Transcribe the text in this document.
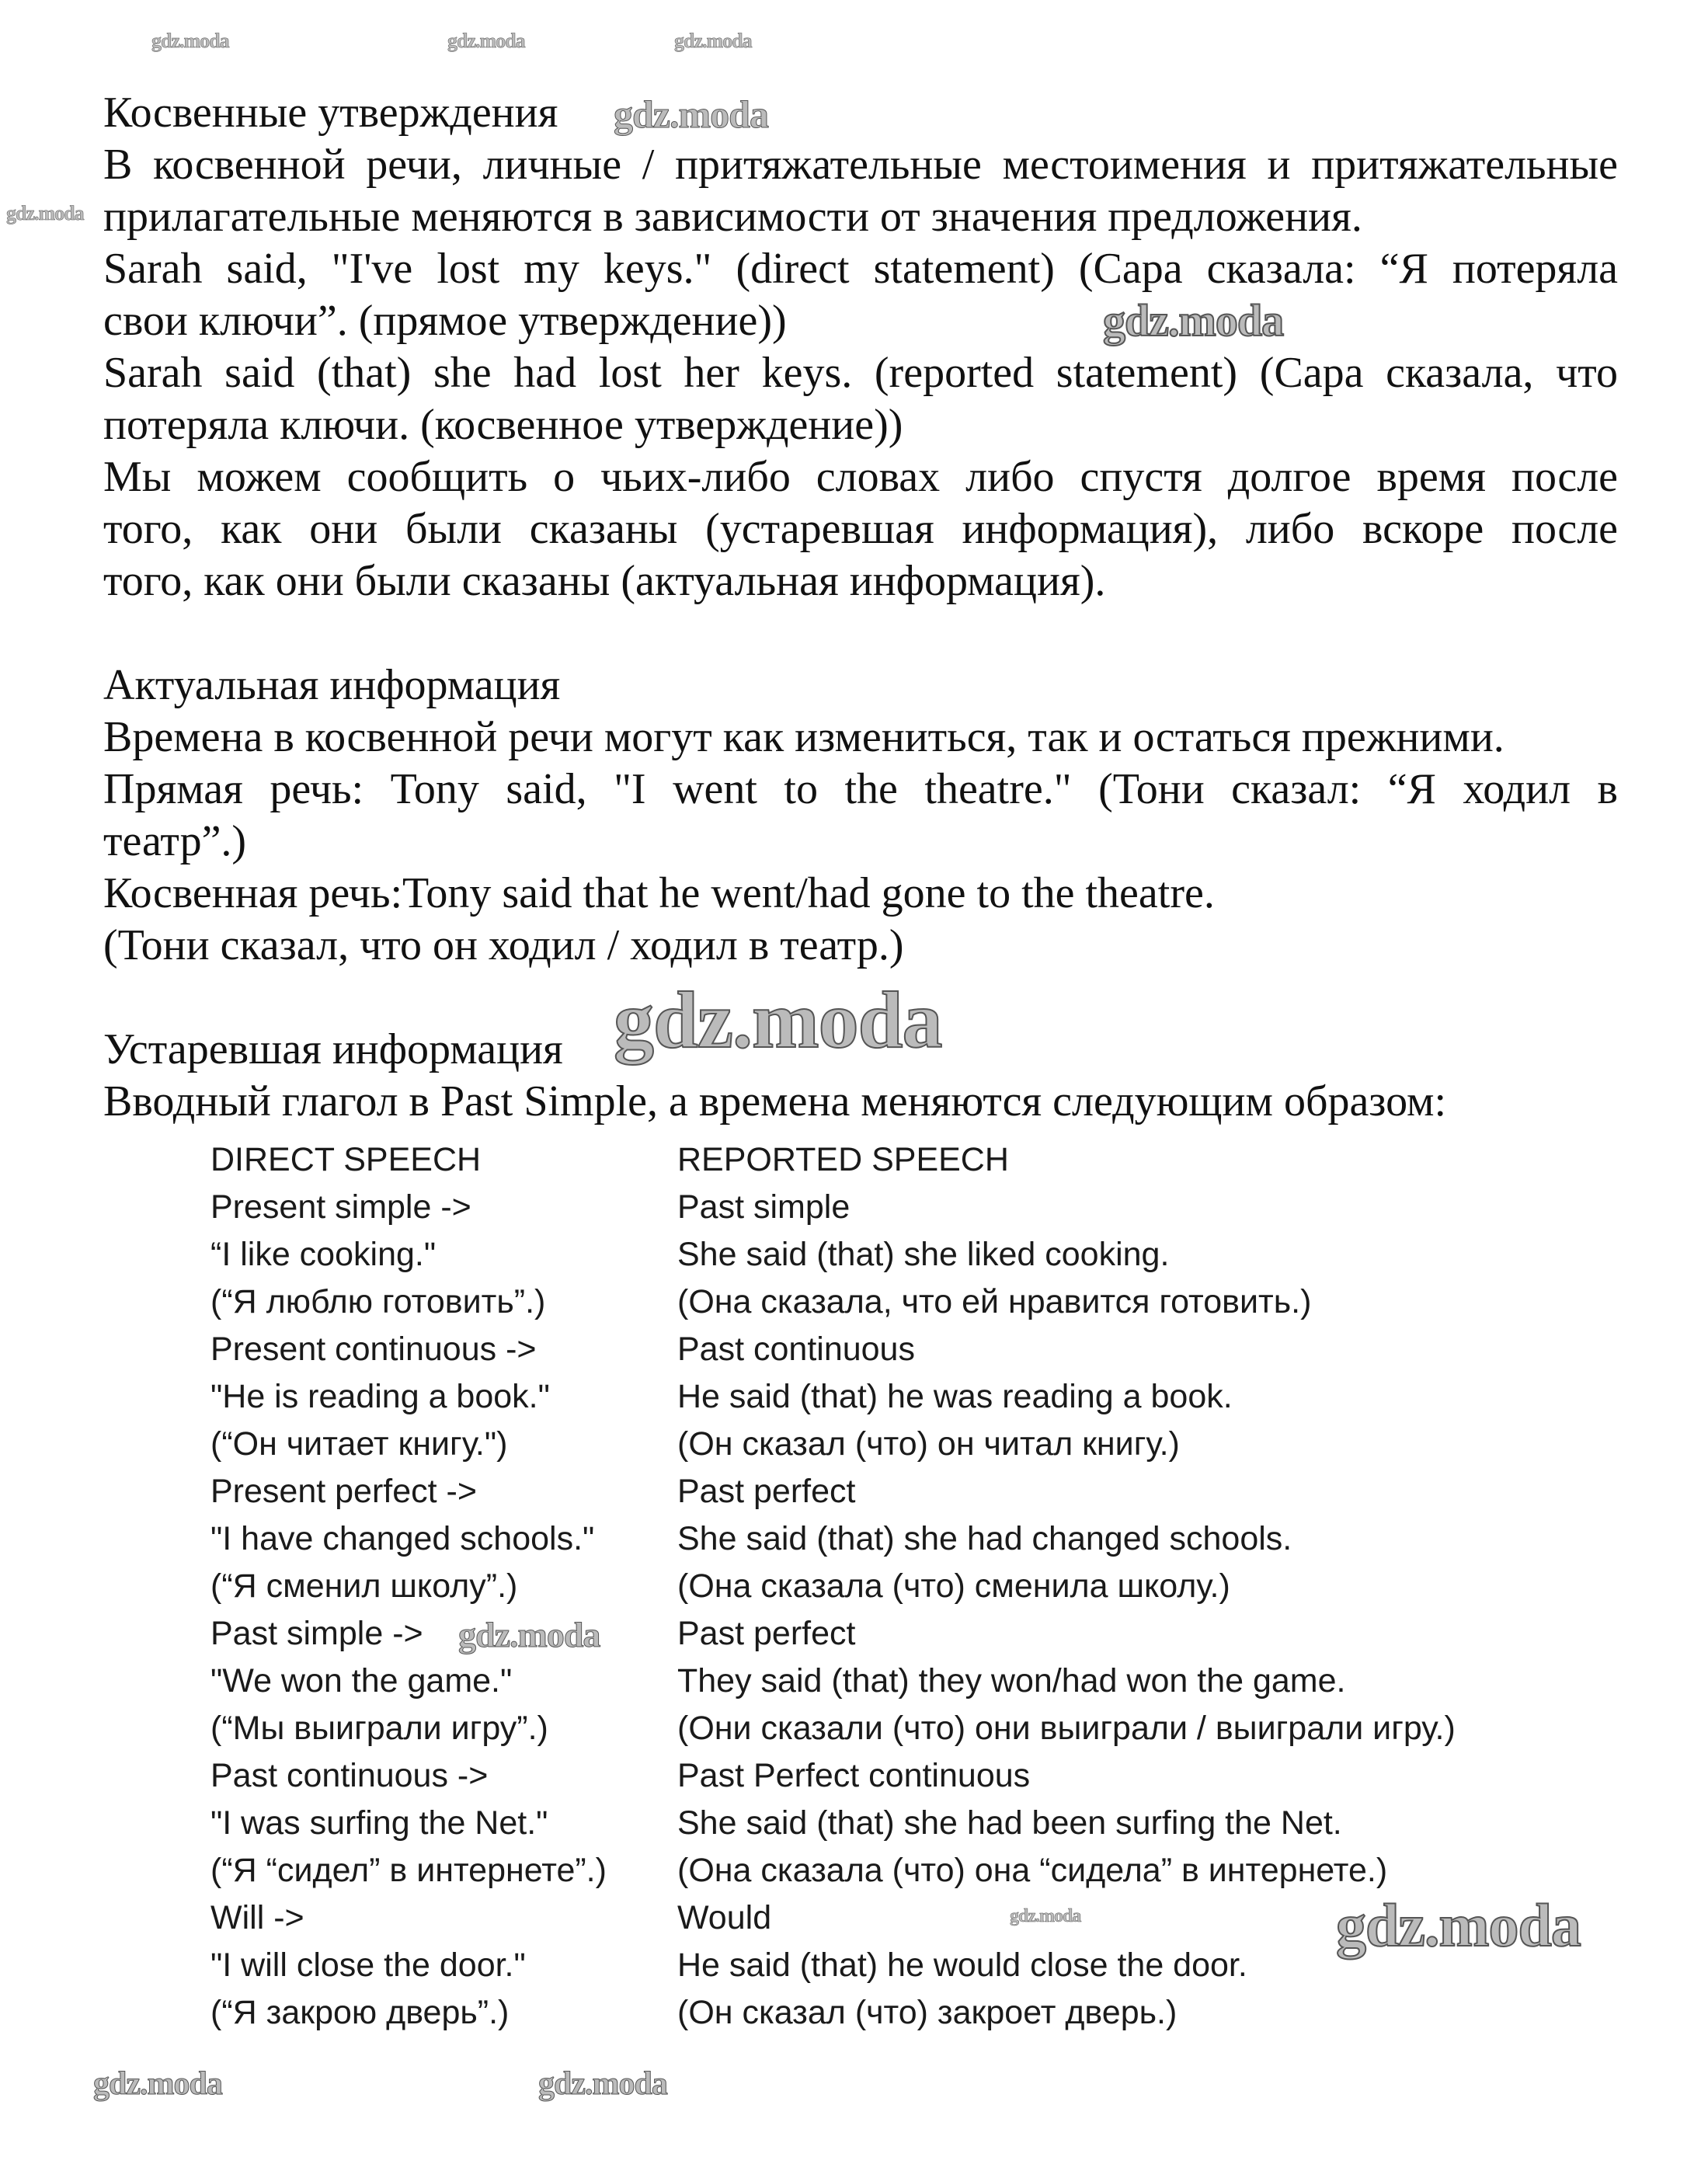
Косвенные утверждения
В косвенной речи, личные / притяжательные местоимения и притяжательные
прилагательные меняются в зависимости от значения предложения.
Sarah said, "I've lost my keys." (direct statement) (Сара сказала: “Я потеряла
свои ключи”. (прямое утверждение))
Sarah said (that) she had lost her keys. (reported statement) (Сара сказала, что
потеряла ключи. (косвенное утверждение))
Мы можем сообщить о чьих-либо словах либо спустя долгое время после
того, как они были сказаны (устаревшая информация), либо вскоре после
того, как они были сказаны (актуальная информация).
Актуальная информация
Времена в косвенной речи могут как измениться, так и остаться прежними.
Прямая речь: Tony said, "I went to the theatre." (Тони сказал: “Я ходил в
театр”.)
Косвенная речь:Tony said that he went/had gone to the theatre.
(Тони сказал, что он ходил / ходил в театр.)
Устаревшая информация
Вводный глагол в Past Simple, а времена меняются следующим образом:
DIRECT SPEECH	REPORTED SPEECH
Present simple ->	Past simple
“I like cooking."	She said (that) she liked cooking.
(“Я люблю готовить”.)	(Она сказала, что ей нравится готовить.)
Present continuous ->	Past continuous
"He is reading a book."	He said (that) he was reading a book.
(“Он читает книгу.")	(Он сказал (что) он читал книгу.)
Present perfect ->	Past perfect
"I have changed schools." She said (that) she had changed schools.
(“Я сменил школу”.)	(Она сказала (что) сменила школу.)
Past simple ->	Past perfect
"We won the game."	They said (that) they won/had won the game.
(“Мы выиграли игру”.)	(Они сказали (что) они выиграли / выиграли игру.)
Past continuous ->	Past Perfect continuous
"I was surfing the Net."	She said (that) she had been surfing the Net.
(“Я “сидел” в интернете”.) (Она сказала (что) она “сидела” в интернете.)
Will ->	Would
"I will close the door."	He said (that) he would close the door.
(“Я закрою дверь”.)	(Он сказал (что) закроет дверь.)
gdz.moda
gdz.moda
gdz.moda
gdz.moda	gdz.moda	gdz.moda
gdz.moda
gdz.moda
gdz.moda
gdz.moda
gdz.moda	gdz.moda
